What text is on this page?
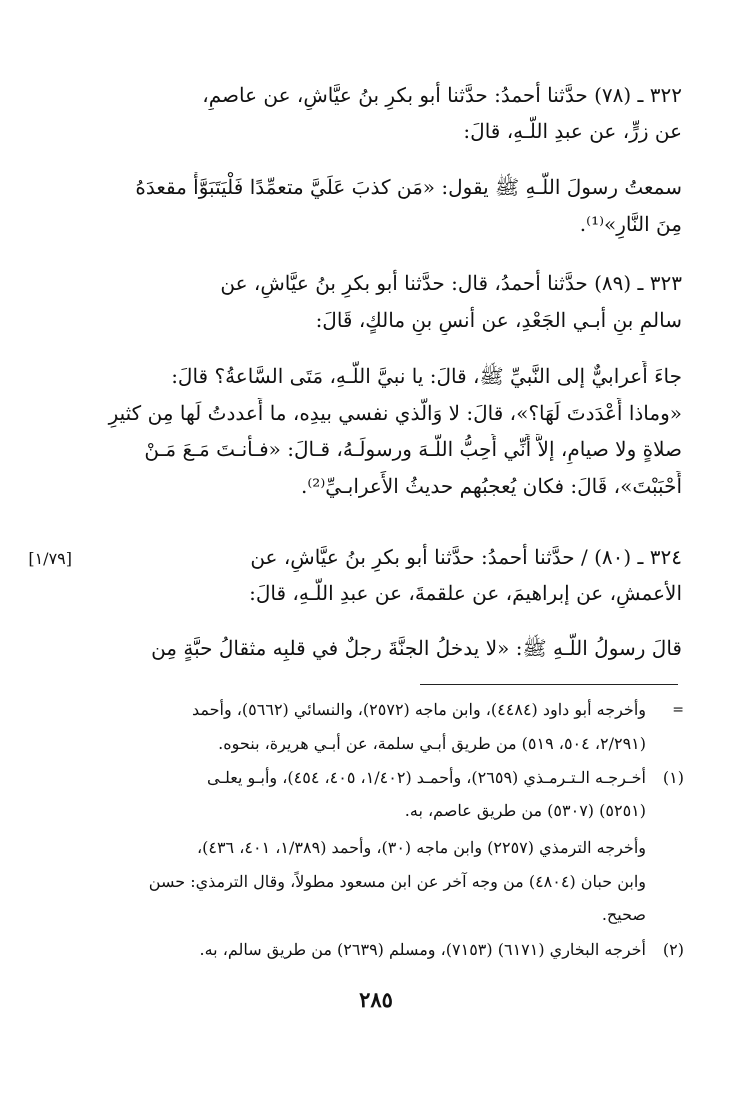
٣٢٢ ـ (٧٨) حدَّثنا أحمدُ: حدَّثنا أبو بكرِ بنُ عيَّاشٍ، عن عاصمٍ،
عن زرٍّ، عن عبدِ اللَّـهِ، قالَ:
سمعتُ رسولَ اللَّـهِ ﷺ يقول: «مَن كذبَ عَلَيَّ متعمِّدًا فَلْيَتَبَوَّأْ مقعدَهُ
مِنَ النَّارِ»⁽¹⁾.
٣٢٣ ـ (٨٩) حدَّثنا أحمدُ، قال: حدَّثنا أبو بكرِ بنُ عيَّاشٍ، عن
سالمِ بنِ أبـي الجَعْدِ، عن أنسِ بنِ مالكٍ، قَالَ:
جاءَ أَعرابيٌّ إلى النَّبيِّ ﷺ، قالَ: يا نبيَّ اللَّـهِ، مَتَى السَّاعةُ؟ قالَ:
«وماذا أَعْدَدتَ لَهَا؟»، قالَ: لا وَالَّذي نفسي بيدِه، ما أَعددتُ لَها مِن كثيرِ
صلاةٍ ولا صيامٍ، إلاَّ أَنِّي أُحِبُّ اللَّـهَ ورسولَـهُ، قـالَ: «فـأنـتَ مَـعَ مَـنْ
أَحْبَبْتَ»، قَالَ: فكان يُعجبُهم حديثُ الأَعرابـيِّ⁽²⁾.
[١/٧٩]	٣٢٤ ـ (٨٠) / حدَّثنا أحمدُ: حدَّثنا أبو بكرِ بنُ عيَّاشٍ، عن
الأعمشِ، عن إبراهيمَ، عن علقمةَ، عن عبدِ اللَّـهِ، قالَ:
قالَ رسولُ اللَّـهِ ﷺ: «لا يدخلُ الجنَّةَ رجلٌ في قلبِه مثقالُ حبَّةٍ مِن
=
وأخرجه أبو داود (٤٤٨٤)، وابن ماجه (٢٥٧٢)، والنسائي (٥٦٦٢)، وأحمد
(٢/٢٩١، ٥٠٤، ٥١٩) من طريق أبـي سلمة، عن أبـي هريرة، بنحوه.
(١)
أخـرجـه الـتـرمـذي (٢٦٥٩)، وأحمـد (١/٤٠٢، ٤٠٥، ٤٥٤)، وأبـو يعلـى
(٥٢٥١) (٥٣٠٧) من طريق عاصم، به.
وأخرجه الترمذي (٢٢٥٧) وابن ماجه (٣٠)، وأحمد (١/٣٨٩، ٤٠١، ٤٣٦)،
وابن حبان (٤٨٠٤) من وجه آخر عن ابن مسعود مطولاً، وقال الترمذي: حسن
صحيح.
(٢)
أخرجه البخاري (٦١٧١) (٧١٥٣)، ومسلم (٢٦٣٩) من طريق سالم، به.
٢٨٥
